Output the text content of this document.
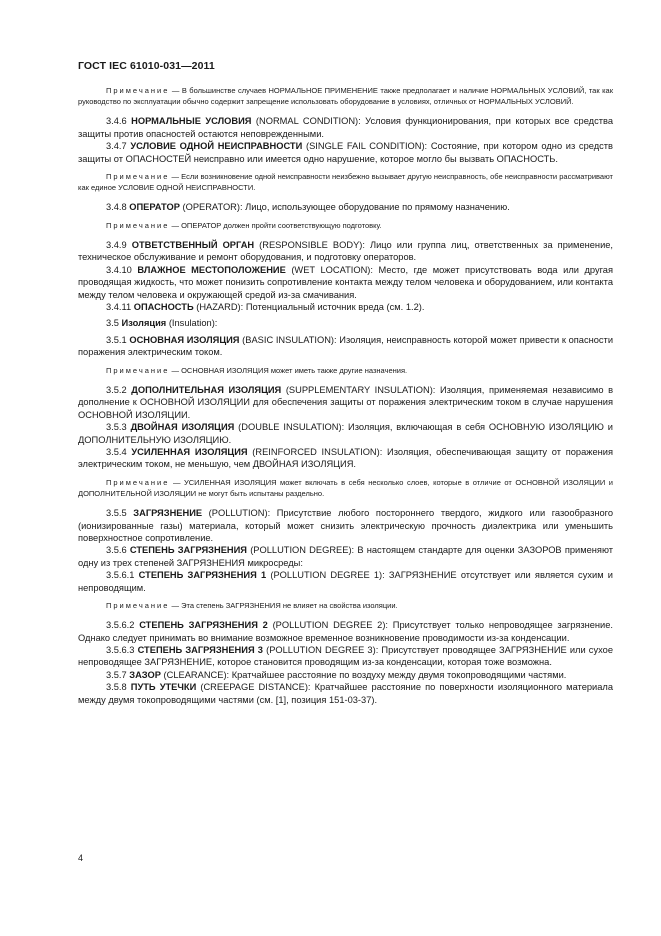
ГОСТ IEC 61010-031—2011

Примечание — В большинстве случаев НОРМАЛЬНОЕ ПРИМЕНЕНИЕ также предполагает и наличие НОРМАЛЬНЫХ УСЛОВИЙ, так как руководство по эксплуатации обычно содержит запрещение использовать оборудование в условиях, отличных от НОРМАЛЬНЫХ УСЛОВИЙ.

3.4.6 НОРМАЛЬНЫЕ УСЛОВИЯ (NORMAL CONDITION): Условия функционирования, при которых все средства защиты против опасностей остаются неповрежденными.

3.4.7 УСЛОВИЕ ОДНОЙ НЕИСПРАВНОСТИ (SINGLE FAIL CONDITION): Состояние, при котором одно из средств защиты от ОПАСНОСТЕЙ неисправно или имеется одно нарушение, которое могло бы вызвать ОПАСНОСТЬ.

Примечание — Если возникновение одной неисправности неизбежно вызывает другую неисправность, обе неисправности рассматривают как единое УСЛОВИЕ ОДНОЙ НЕИСПРАВНОСТИ.

3.4.8 ОПЕРАТОР (OPERATOR): Лицо, использующее оборудование по прямому назначению.

Примечание — ОПЕРАТОР должен пройти соответствующую подготовку.

3.4.9 ОТВЕТСТВЕННЫЙ ОРГАН (RESPONSIBLE BODY): Лицо или группа лиц, ответственных за применение, техническое обслуживание и ремонт оборудования, и подготовку операторов.

3.4.10 ВЛАЖНОЕ МЕСТОПОЛОЖЕНИЕ (WET LOCATION): Место, где может присутствовать вода или другая проводящая жидкость, что может понизить сопротивление контакта между телом человека и оборудованием, или контакта между телом человека и окружающей средой из-за смачивания.

3.4.11 ОПАСНОСТЬ (HAZARD): Потенциальный источник вреда (см. 1.2).

3.5 Изоляция (Insulation):

3.5.1 ОСНОВНАЯ ИЗОЛЯЦИЯ (BASIC INSULATION): Изоляция, неисправность которой может привести к опасности поражения электрическим током.

Примечание — ОСНОВНАЯ ИЗОЛЯЦИЯ может иметь также другие назначения.

3.5.2 ДОПОЛНИТЕЛЬНАЯ ИЗОЛЯЦИЯ (SUPPLEMENTARY INSULATION): Изоляция, применяемая независимо в дополнение к ОСНОВНОЙ ИЗОЛЯЦИИ для обеспечения защиты от поражения электрическим током в случае нарушения ОСНОВНОЙ ИЗОЛЯЦИИ.

3.5.3 ДВОЙНАЯ ИЗОЛЯЦИЯ (DOUBLE INSULATION): Изоляция, включающая в себя ОСНОВНУЮ ИЗОЛЯЦИЮ и ДОПОЛНИТЕЛЬНУЮ ИЗОЛЯЦИЮ.

3.5.4 УСИЛЕННАЯ ИЗОЛЯЦИЯ (REINFORCED INSULATION): Изоляция, обеспечивающая защиту от поражения электрическим током, не меньшую, чем ДВОЙНАЯ ИЗОЛЯЦИЯ.

Примечание — УСИЛЕННАЯ ИЗОЛЯЦИЯ может включать в себя несколько слоев, которые в отличие от ОСНОВНОЙ ИЗОЛЯЦИИ и ДОПОЛНИТЕЛЬНОЙ ИЗОЛЯЦИИ не могут быть испытаны раздельно.

3.5.5 ЗАГРЯЗНЕНИЕ (POLLUTION): Присутствие любого постороннего твердого, жидкого или газообразного (ионизированные газы) материала, который может снизить электрическую прочность диэлектрика или уменьшить поверхностное сопротивление.

3.5.6 СТЕПЕНЬ ЗАГРЯЗНЕНИЯ (POLLUTION DEGREE): В настоящем стандарте для оценки ЗАЗОРОВ применяют одну из трех степеней ЗАГРЯЗНЕНИЯ микросреды:

3.5.6.1 СТЕПЕНЬ ЗАГРЯЗНЕНИЯ 1 (POLLUTION DEGREE 1): ЗАГРЯЗНЕНИЕ отсутствует или является сухим и непроводящим.

Примечание — Эта степень ЗАГРЯЗНЕНИЯ не влияет на свойства изоляции.

3.5.6.2 СТЕПЕНЬ ЗАГРЯЗНЕНИЯ 2 (POLLUTION DEGREE 2): Присутствует только непроводящее загрязнение. Однако следует принимать во внимание возможное временное возникновение проводимости из-за конденсации.

3.5.6.3 СТЕПЕНЬ ЗАГРЯЗНЕНИЯ 3 (POLLUTION DEGREE 3): Присутствует проводящее ЗАГРЯЗНЕНИЕ или сухое непроводящее ЗАГРЯЗНЕНИЕ, которое становится проводящим из-за конденсации, которая тоже возможна.

3.5.7 ЗАЗОР (CLEARANCE): Кратчайшее расстояние по воздуху между двумя токопроводящими частями.

3.5.8 ПУТЬ УТЕЧКИ (CREEPAGE DISTANCE): Кратчайшее расстояние по поверхности изоляционного материала между двумя токопроводящими частями (см. [1], позиция 151-03-37).

4
